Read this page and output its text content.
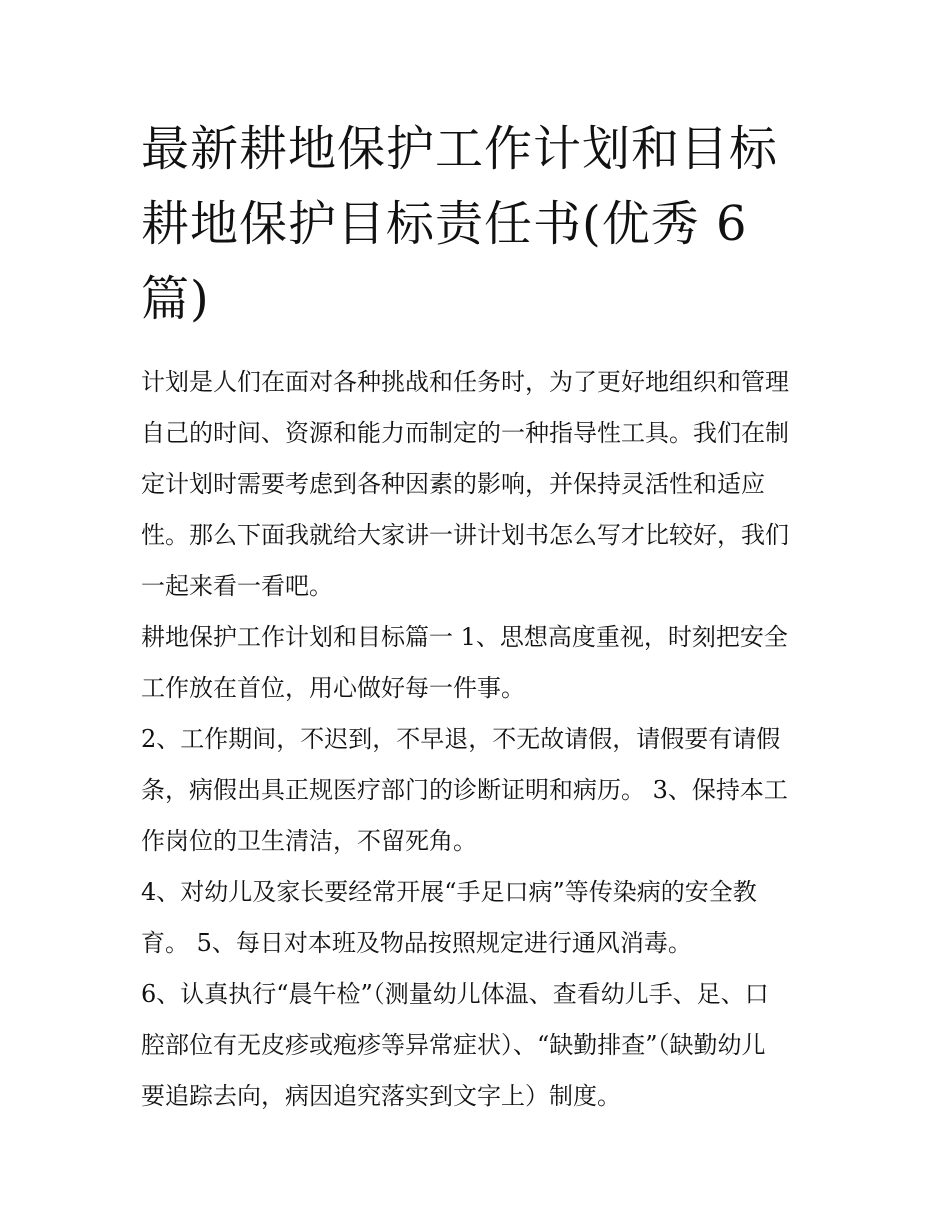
最新耕地保护工作计划和目标
耕地保护目标责任书(优秀 6
篇)

计划是人们在面对各种挑战和任务时，为了更好地组织和管理

自己的时间、资源和能力而制定的一种指导性工具。我们在制

定计划时需要考虑到各种因素的影响，并保持灵活性和适应

性。那么下面我就给大家讲一讲计划书怎么写才比较好，我们

一起来看一看吧。

耕地保护工作计划和目标篇一 1、思想高度重视，时刻把安全

工作放在首位，用心做好每一件事。

2、工作期间，不迟到，不早退，不无故请假，请假要有请假

条，病假出具正规医疗部门的诊断证明和病历。 3、保持本工

作岗位的卫生清洁，不留死角。

4、对幼儿及家长要经常开展“手足口病”等传染病的安全教

育。 5、每日对本班及物品按照规定进行通风消毒。

6、认真执行“晨午检”（测量幼儿体温、查看幼儿手、足、口

腔部位有无皮疹或疱疹等异常症状）、“缺勤排查”（缺勤幼儿

要追踪去向，病因追究落实到文字上）制度。
